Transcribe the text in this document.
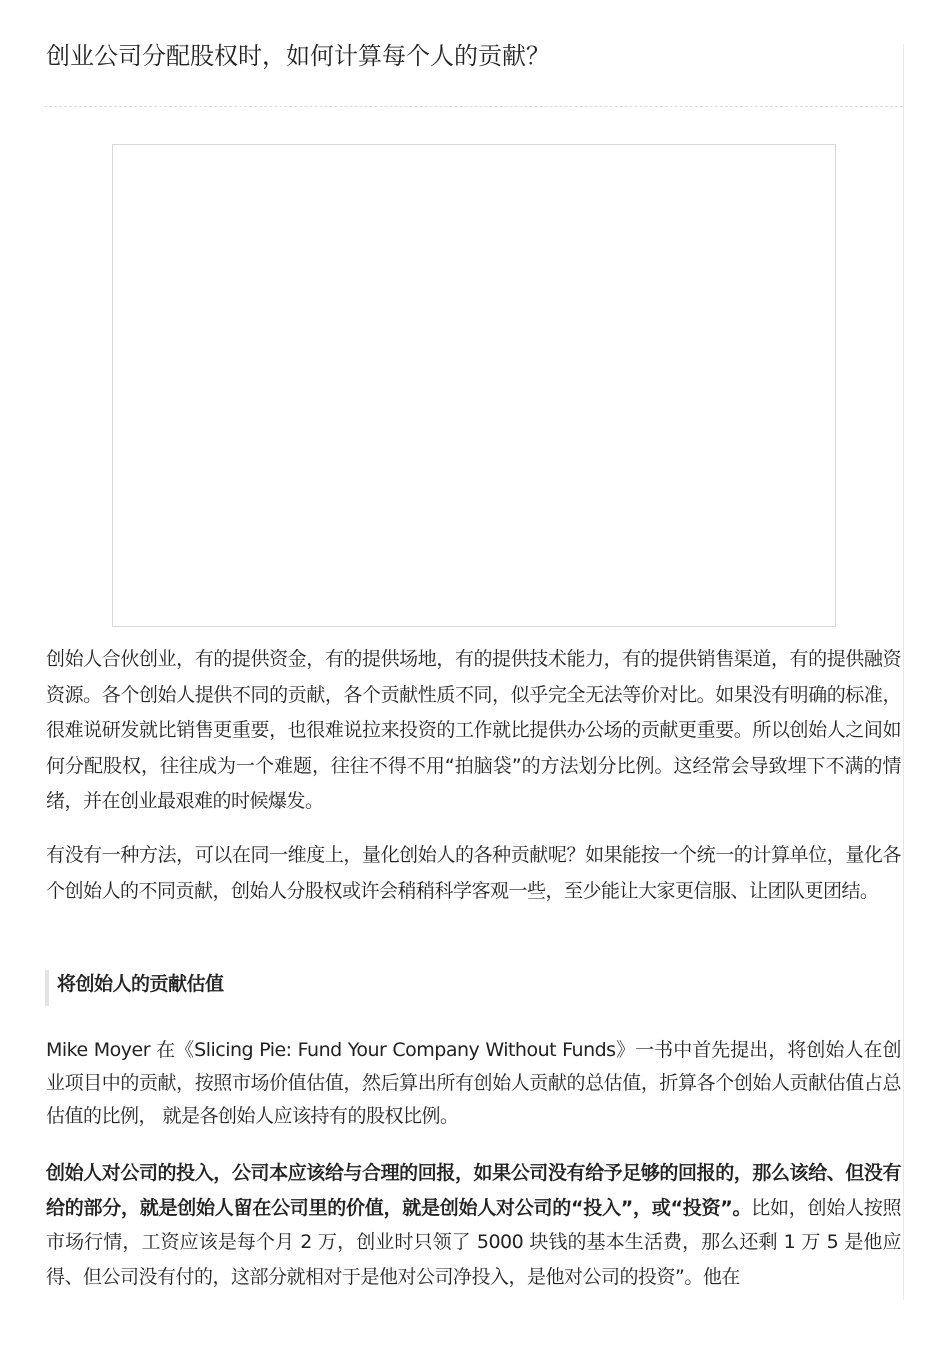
创业公司分配股权时，如何计算每个人的贡献？

创始人合伙创业，有的提供资金，有的提供场地，有的提供技术能力，有的提供销售渠道，有的提供融资资源。各个创始人提供不同的贡献，各个贡献性质不同，似乎完全无法等价对比。如果没有明确的标准，很难说研发就比销售更重要，也很难说拉来投资的工作就比提供办公场的贡献更重要。所以创始人之间如何分配股权，往往成为一个难题，往往不得不用“拍脑袋”的方法划分比例。这经常会导致埋下不满的情绪，并在创业最艰难的时候爆发。

有没有一种方法，可以在同一维度上，量化创始人的各种贡献呢？如果能按一个统一的计算单位，量化各个创始人的不同贡献，创始人分股权或许会稍稍科学客观一些，至少能让大家更信服、让团队更团结。

将创始人的贡献估值

Mike Moyer 在《Slicing Pie: Fund Your Company Without Funds》一书中首先提出，将创始人在创业项目中的贡献，按照市场价值估值，然后算出所有创始人贡献的总估值，折算各个创始人贡献估值占总估值的比例， 就是各创始人应该持有的股权比例。

创始人对公司的投入，公司本应该给与合理的回报，如果公司没有给予足够的回报的，那么该给、但没有给的部分，就是创始人留在公司里的价值，就是创始人对公司的“投入”，或“投资”。比如，创始人按照市场行情，工资应该是每个月 2 万，创业时只领了 5000 块钱的基本生活费，那么还剩 1 万 5 是他应得、但公司没有付的，这部分就相对于是他对公司净投入，是他对公司的投资”。他在
